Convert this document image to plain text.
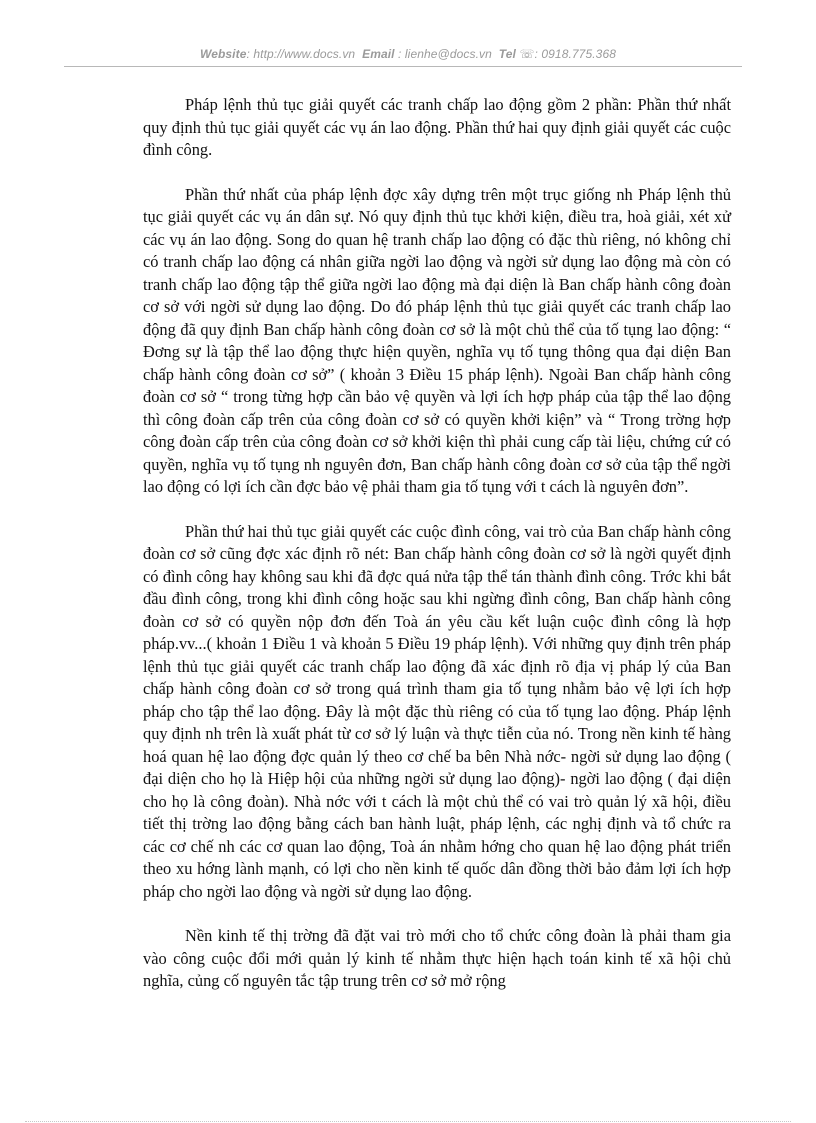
Website: http://www.docs.vn Email : lienhe@docs.vn Tel ☏: 0918.775.368

Pháp lệnh thủ tục giải quyết các tranh chấp lao động gồm 2 phần: Phần thứ nhất quy định thủ tục giải quyết các vụ án lao động. Phần thứ hai quy định giải quyết các cuộc đình công.

Phần thứ nhất của pháp lệnh đợc xây dựng trên một trục giống nh Pháp lệnh thủ tục giải quyết các vụ án dân sự. Nó quy định thủ tục khởi kiện, điều tra, hoà giải, xét xử các vụ án lao động. Song do quan hệ tranh chấp lao động có đặc thù riêng, nó không chỉ có tranh chấp lao động cá nhân giữa ngời lao động và ngời sử dụng lao động mà còn có tranh chấp lao động tập thể giữa ngời lao động mà đại diện là Ban chấp hành công đoàn cơ sở với ngời sử dụng lao động. Do đó pháp lệnh thủ tục giải quyết các tranh chấp lao động đã quy định Ban chấp hành công đoàn cơ sở là một chủ thể của tố tụng lao động: “ Đơng sự là tập thể lao động thực hiện quyền, nghĩa vụ tố tụng thông qua đại diện Ban chấp hành công đoàn cơ sở” ( khoản 3 Điều 15 pháp lệnh). Ngoài Ban chấp hành công đoàn cơ sở “ trong từng hợp cần bảo vệ quyền và lợi ích hợp pháp của tập thể lao động thì công đoàn cấp trên của công đoàn cơ sở có quyền khởi kiện” và “ Trong trờng hợp công đoàn cấp trên của công đoàn cơ sở khởi kiện thì phải cung cấp tài liệu, chứng cứ có quyền, nghĩa vụ tố tụng nh nguyên đơn, Ban chấp hành công đoàn cơ sở của tập thể ngời lao động có lợi ích cần đợc bảo vệ phải tham gia tố tụng với t cách là nguyên đơn”.

Phần thứ hai thủ tục giải quyết các cuộc đình công, vai trò của Ban chấp hành công đoàn cơ sở cũng đợc xác định rõ nét: Ban chấp hành công đoàn cơ sở là ngời quyết định có đình công hay không sau khi đã đợc quá nửa tập thể tán thành đình công. Trớc khi bắt đầu đình công, trong khi đình công hoặc sau khi ngừng đình công, Ban chấp hành công đoàn cơ sở có quyền nộp đơn đến Toà án yêu cầu kết luận cuộc đình công là hợp pháp.vv...( khoản 1 Điều 1 và khoản 5 Điều 19 pháp lệnh). Với những quy định trên pháp lệnh thủ tục giải quyết các tranh chấp lao động đã xác định rõ địa vị pháp lý của Ban chấp hành công đoàn cơ sở trong quá trình tham gia tố tụng nhằm bảo vệ lợi ích hợp pháp cho tập thể lao động. Đây là một đặc thù riêng có của tố tụng lao động. Pháp lệnh quy định nh trên là xuất phát từ cơ sở lý luận và thực tiễn của nó. Trong nền kinh tế hàng hoá quan hệ lao động đợc quản lý theo cơ chế ba bên Nhà nớc- ngời sử dụng lao động ( đại diện cho họ là Hiệp hội của những ngời sử dụng lao động)- ngời lao động ( đại diện cho họ là công đoàn). Nhà nớc với t cách là một chủ thể có vai trò quản lý xã hội, điều tiết thị trờng lao động bằng cách ban hành luật, pháp lệnh, các nghị định và tổ chức ra các cơ chế nh các cơ quan lao động, Toà án nhằm hớng cho quan hệ lao động phát triển theo xu hớng lành mạnh, có lợi cho nền kinh tế quốc dân đồng thời bảo đảm lợi ích hợp pháp cho ngời lao động và ngời sử dụng lao động.

Nền kinh tế thị trờng đã đặt vai trò mới cho tổ chức công đoàn là phải tham gia vào công cuộc đổi mới quản lý kinh tế nhằm thực hiện hạch toán kinh tế xã hội chủ nghĩa, củng cố nguyên tắc tập trung trên cơ sở mở rộng
